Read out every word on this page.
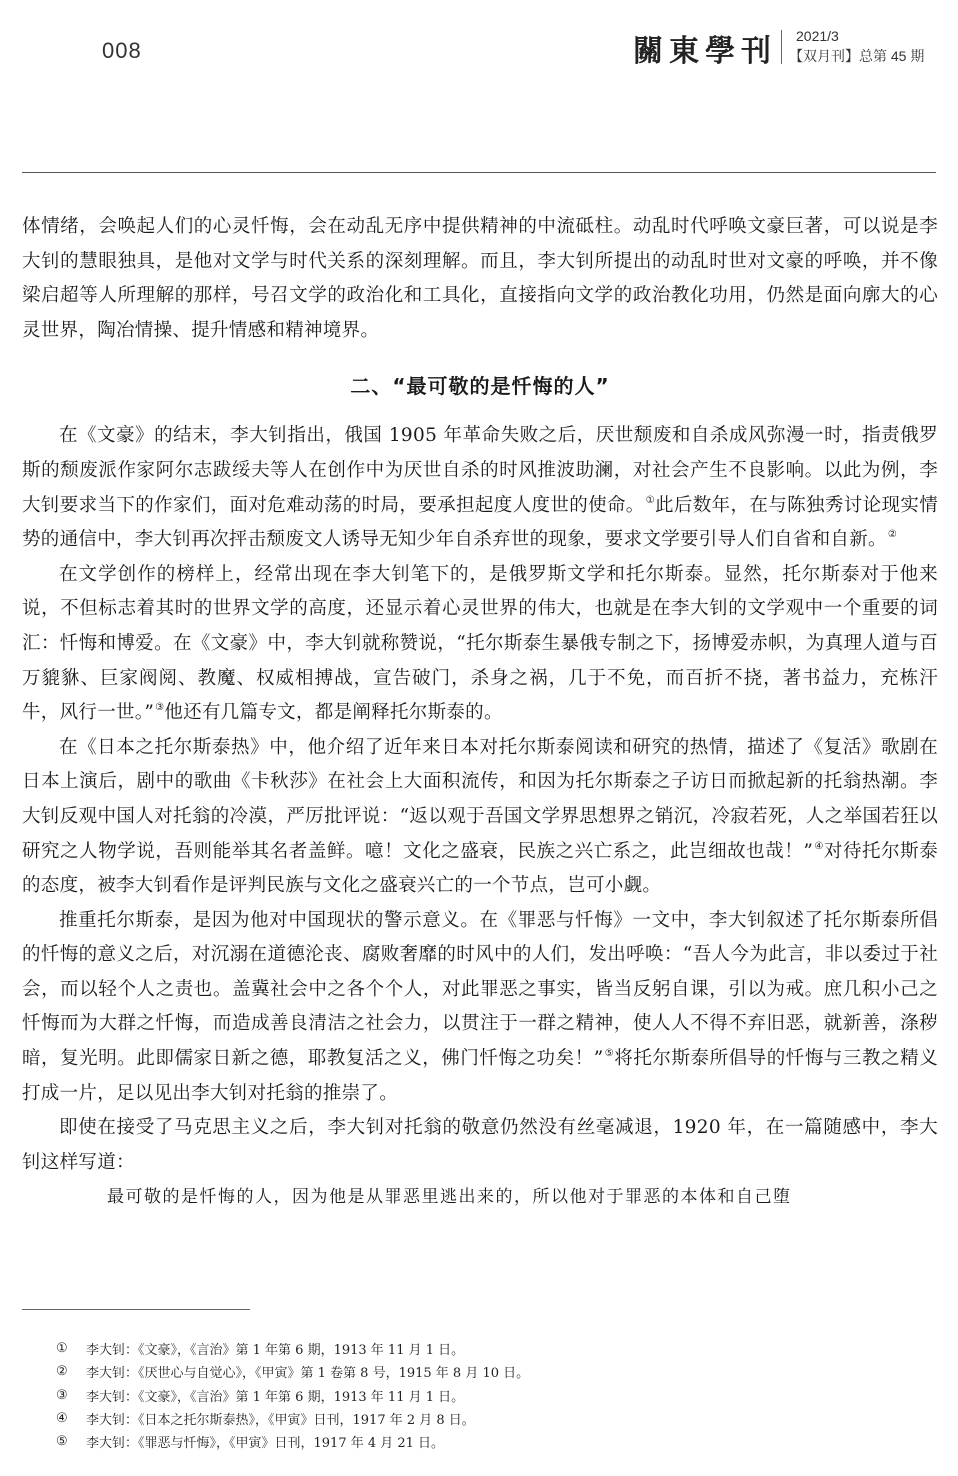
008	關東學刊 2021/3
【双月刊】总第 45 期

体情绪，会唤起人们的心灵忏悔，会在动乱无序中提供精神的中流砥柱。动乱时代呼唤文豪巨著，可以说是李大钊的慧眼独具，是他对文学与时代关系的深刻理解。而且，李大钊所提出的动乱时世对文豪的呼唤，并不像梁启超等人所理解的那样，号召文学的政治化和工具化，直接指向文学的政治教化功用，仍然是面向廓大的心灵世界，陶冶情操、提升情感和精神境界。

二、“最可敬的是忏悔的人”

在《文豪》的结末，李大钊指出，俄国 1905 年革命失败之后，厌世颓废和自杀成风弥漫一时，指责俄罗斯的颓废派作家阿尔志跋绥夫等人在创作中为厌世自杀的时风推波助澜，对社会产生不良影响。以此为例，李大钊要求当下的作家们，面对危难动荡的时局，要承担起度人度世的使命。①此后数年，在与陈独秀讨论现实情势的通信中，李大钊再次抨击颓废文人诱导无知少年自杀弃世的现象，要求文学要引导人们自省和自新。②

在文学创作的榜样上，经常出现在李大钊笔下的，是俄罗斯文学和托尔斯泰。显然，托尔斯泰对于他来说，不但标志着其时的世界文学的高度，还显示着心灵世界的伟大，也就是在李大钊的文学观中一个重要的词汇：忏悔和博爱。在《文豪》中，李大钊就称赞说，“托尔斯泰生暴俄专制之下，扬博爱赤帜，为真理人道与百万貔貅、巨家阀阅、教魔、权威相搏战，宣告破门，杀身之祸，几于不免，而百折不挠，著书益力，充栋汗牛，风行一世。”③他还有几篇专文，都是阐释托尔斯泰的。

在《日本之托尔斯泰热》中，他介绍了近年来日本对托尔斯泰阅读和研究的热情，描述了《复活》歌剧在日本上演后，剧中的歌曲《卡秋莎》在社会上大面积流传，和因为托尔斯泰之子访日而掀起新的托翁热潮。李大钊反观中国人对托翁的冷漠，严厉批评说：“返以观于吾国文学界思想界之销沉，冷寂若死，人之举国若狂以研究之人物学说，吾则能举其名者盖鲜。噫！文化之盛衰，民族之兴亡系之，此岂细故也哉！”④对待托尔斯泰的态度，被李大钊看作是评判民族与文化之盛衰兴亡的一个节点，岂可小觑。

推重托尔斯泰，是因为他对中国现状的警示意义。在《罪恶与忏悔》一文中，李大钊叙述了托尔斯泰所倡的忏悔的意义之后，对沉溺在道德沦丧、腐败奢靡的时风中的人们，发出呼唤：“吾人今为此言，非以委过于社会，而以轻个人之责也。盖冀社会中之各个个人，对此罪恶之事实，皆当反躬自课，引以为戒。庶几积小己之忏悔而为大群之忏悔，而造成善良清洁之社会力，以贯注于一群之精神，使人人不得不弃旧恶，就新善，涤秽暗，复光明。此即儒家日新之德，耶教复活之义，佛门忏悔之功矣！”⑤将托尔斯泰所倡导的忏悔与三教之精义打成一片，足以见出李大钊对托翁的推崇了。

即使在接受了马克思主义之后，李大钊对托翁的敬意仍然没有丝毫减退，1920 年，在一篇随感中，李大钊这样写道：

最可敬的是忏悔的人，因为他是从罪恶里逃出来的，所以他对于罪恶的本体和自己堕

①	李大钊：《文豪》，《言治》第 1 年第 6 期，1913 年 11 月 1 日。
②	李大钊：《厌世心与自觉心》，《甲寅》第 1 卷第 8 号，1915 年 8 月 10 日。
③	李大钊：《文豪》，《言治》第 1 年第 6 期，1913 年 11 月 1 日。
④	李大钊：《日本之托尔斯泰热》，《甲寅》日刊，1917 年 2 月 8 日。
⑤	李大钊：《罪恶与忏悔》，《甲寅》日刊，1917 年 4 月 21 日。
